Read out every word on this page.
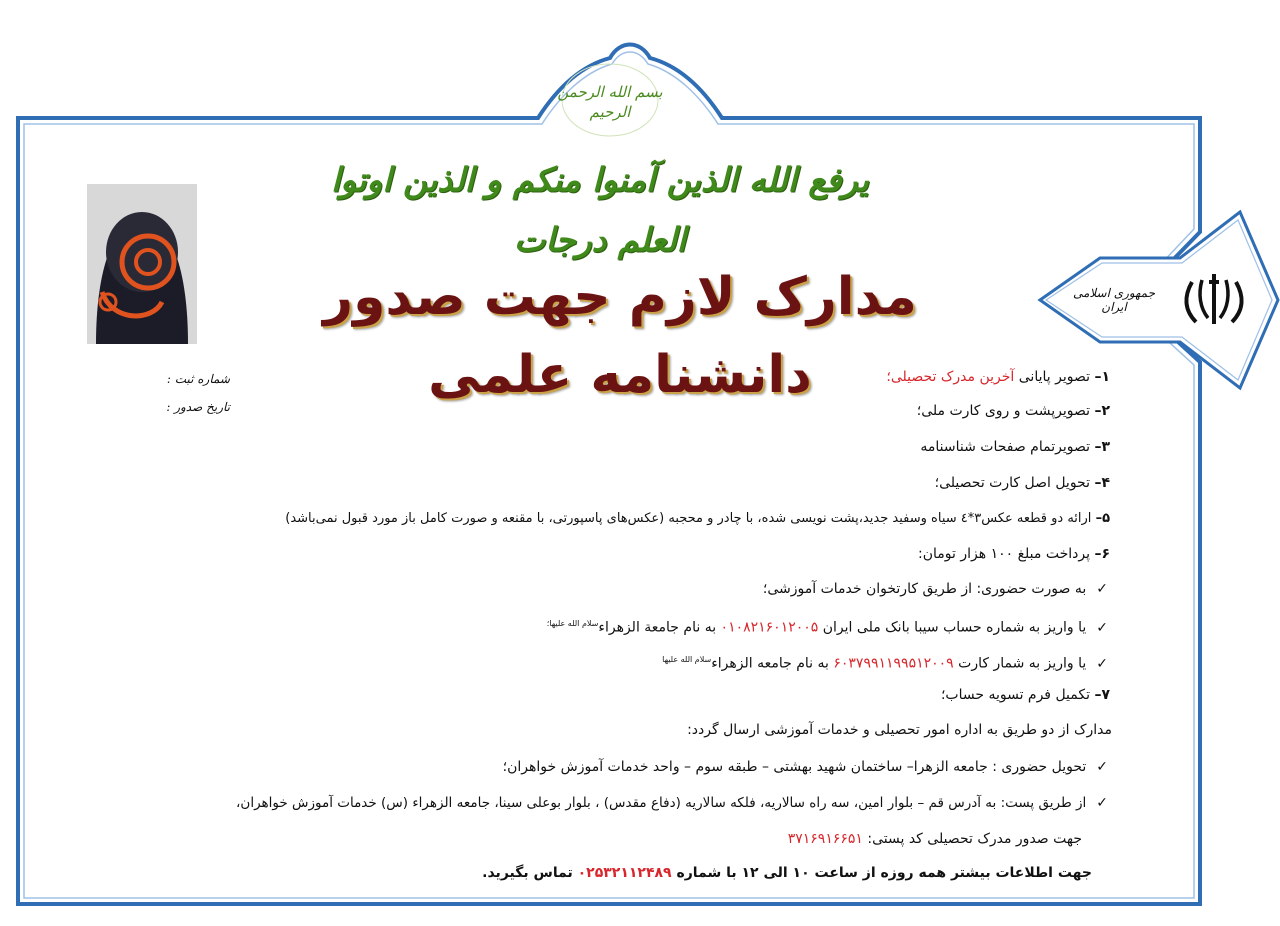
بسم الله الرحمن الرحیم
یرفع الله الذین آمنوا منکم و الذین اوتوا العلم درجات
مدارک لازم جهت صدور دانشنامه علمی
جمهوری اسلامی ایران
شماره ثبت :
تاریخ صدور :
۱– تصویر پایانی آخرین مدرک تحصیلی؛
۲– تصویرپشت و روی کارت ملی؛
۳– تصویرتمام صفحات شناسنامه
۴– تحویل اصل کارت تحصیلی؛
۵– ارائه دو قطعه عکس۳*٤ سیاه وسفید جدید،پشت نویسی شده، با چادر و محجبه (عکس‌های پاسپورتی، با مقنعه و صورت کامل باز مورد قبول نمی‌باشد)
۶– پرداخت مبلغ ۱۰۰ هزار تومان:
✓به صورت حضوری: از طریق کارتخوان خدمات آموزشی؛
✓یا واریز به شماره حساب سیبا بانک ملی ایران ۰۱۰۸۲۱۶۰۱۲۰۰۵ به نام جامعة الزهراء$^{سلام الله علیها؛}$
✓یا واریز به شمار کارت ۶۰۳۷۹۹۱۱۹۹۵۱۲۰۰۹ به نام جامعه الزهراء$^{سلام الله علیها}$
۷– تکمیل فرم تسویه حساب؛
مدارک از دو طریق به اداره امور تحصیلی و خدمات آموزشی ارسال گردد:
✓تحویل حضوری : جامعه الزهرا– ساختمان شهید بهشتی – طبقه سوم – واحد خدمات آموزش خواهران؛
✓از طریق پست: به آدرس قم – بلوار امین، سه راه سالاریه، فلکه سالاریه (دفاع مقدس) ، بلوار بوعلی سینا، جامعه الزهراء (س) خدمات آموزش خواهران،
جهت صدور مدرک تحصیلی کد پستی: ۳۷۱۶۹۱۶۶۵۱
جهت اطلاعات بیشتر همه روزه از ساعت ۱۰ الی ۱۲ با شماره ۰۲۵۳۲۱۱۲۴۸۹ تماس بگیرید.
